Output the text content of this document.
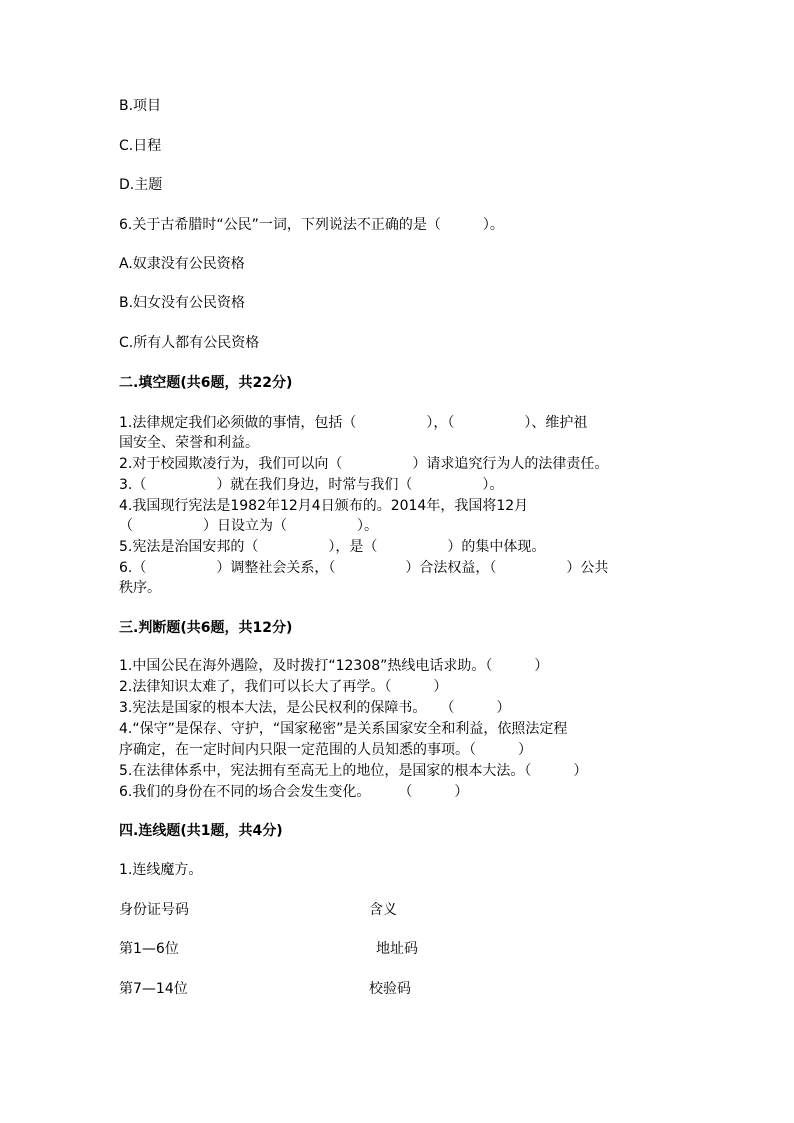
B.项目
C.日程
D.主题
6.关于古希腊时“公民”一词，下列说法不正确的是（　　　）。
A.奴隶没有公民资格
B.妇女没有公民资格
C.所有人都有公民资格
二.填空题(共6题，共22分)
1.法律规定我们必须做的事情，包括（　　　　　），（　　　　　）、维护祖
国安全、荣誉和利益。
2.对于校园欺凌行为，我们可以向（　　　　　）请求追究行为人的法律责任。
3.（　　　　　）就在我们身边，时常与我们（　　　　　）。
4.我国现行宪法是1982年12月4日颁布的。2014年，我国将12月
（　　　　　）日设立为（　　　　　）。
5.宪法是治国安邦的（　　　　　），是（　　　　　）的集中体现。
6.（　　　　　）调整社会关系，（　　　　　）合法权益，（　　　　　）公共
秩序。
三.判断题(共6题，共12分)
1.中国公民在海外遇险，及时拨打“12308”热线电话求助。（　　　）
2.法律知识太难了，我们可以长大了再学。（　　　）
3.宪法是国家的根本大法，是公民权利的保障书。　　（　　　）
4.“保守”是保存、守护，“国家秘密”是关系国家安全和利益，依照法定程
序确定，在一定时间内只限一定范围的人员知悉的事项。（　　　）
5.在法律体系中，宪法拥有至高无上的地位，是国家的根本大法。（　　　）
6.我们的身份在不同的场合会发生变化。　　　（　　　）
四.连线题(共1题，共4分)
1.连线魔方。
身份证号码	含义
第1—6位	地址码
第7—14位	校验码
